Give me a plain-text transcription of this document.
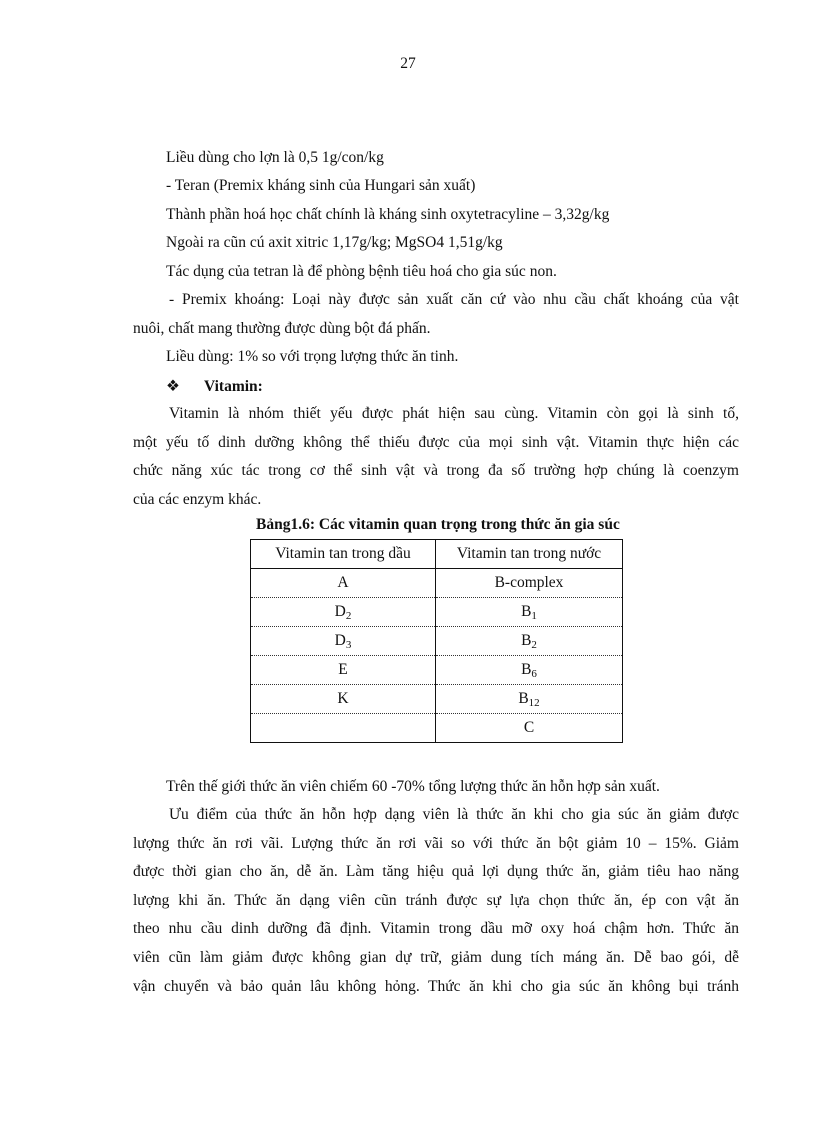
27

Liều dùng cho lợn là 0,5 1g/con/kg

- Teran (Premix kháng sinh của Hungari sản xuất)

Thành phần hoá học chất chính là kháng sinh oxytetracyline – 3,32g/kg

Ngoài ra cũn cú axit xitric 1,17g/kg; MgSO4 1,51g/kg

Tác dụng của tetran là để phòng bệnh tiêu hoá cho gia súc non.

- Premix khoáng: Loại này được sản xuất căn cứ vào nhu cầu chất khoáng của vật
nuôi, chất mang thường được dùng bột đá phấn.

Liều dùng: 1% so với trọng lượng thức ăn tinh.

❖ Vitamin:
Vitamin là nhóm thiết yếu được phát hiện sau cùng. Vitamin còn gọi là sinh tố,
một yếu tố dinh dưỡng không thể thiếu được của mọi sinh vật. Vitamin thực hiện các
chức năng xúc tác trong cơ thể sinh vật và trong đa số trường hợp chúng là coenzym
của các enzym khác.
Bảng1.6: Các vitamin quan trọng trong thức ăn gia súc
Vitamin tan trong dầu	Vitamin tan trong nước
A	B-complex
$D_2$	$B_1$
$D_3$	$B_2$
E	$B_6$
K	$B_{12}$
	C

Trên thế giới thức ăn viên chiếm 60 -70% tổng lượng thức ăn hỗn hợp sản xuất.

Ưu điểm của thức ăn hỗn hợp dạng viên là thức ăn khi cho gia súc ăn giảm được
lượng thức ăn rơi vãi. Lượng thức ăn rơi vãi so với thức ăn bột giảm 10 – 15%. Giảm
được thời gian cho ăn, dễ ăn. Làm tăng hiệu quả lợi dụng thức ăn, giảm tiêu hao năng
lượng khi ăn. Thức ăn dạng viên cũn tránh được sự lựa chọn thức ăn, ép con vật ăn
theo nhu cầu dinh dưỡng đã định. Vitamin trong dầu mỡ oxy hoá chậm hơn. Thức ăn
viên cũn làm giảm được không gian dự trữ, giảm dung tích máng ăn. Dễ bao gói, dễ
vận chuyển và bảo quản lâu không hỏng. Thức ăn khi cho gia súc ăn không bụi tránh
